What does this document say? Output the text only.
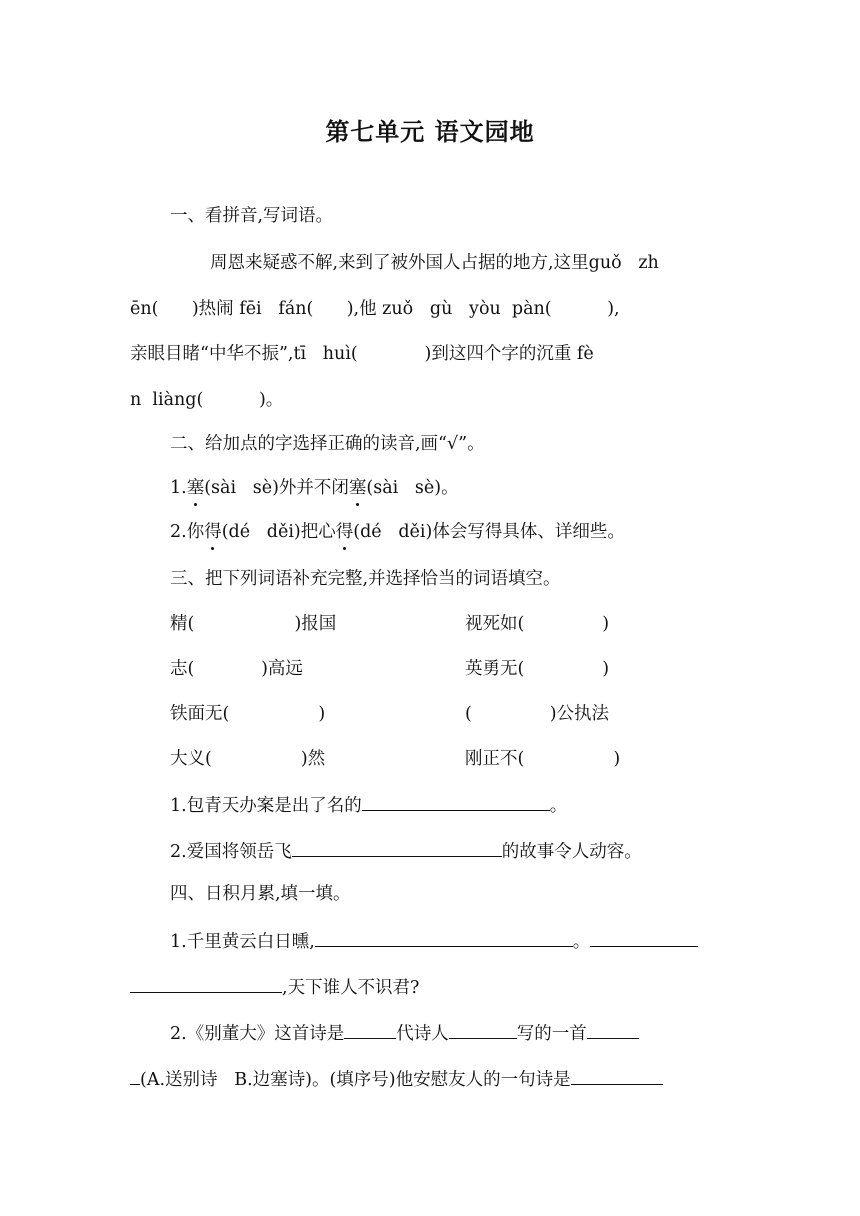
第七单元 语文园地

一、看拼音,写词语。

周恩来疑惑不解,来到了被外国人占据的地方,这里guǒ   zh

ēn(      )热闹 fēi   fán(      ),他 zuǒ   gù   yòu  pàn(          ),

亲眼目睹“中华不振”,tī   huì(            )到这四个字的沉重 fè

n  liàng(          )。

二、给加点的字选择正确的读音,画“√”。

1.塞(sài   sè)外并不闭塞(sài   sè)。

2.你得(dé   děi)把心得(dé   děi)体会写得具体、详细些。

三、把下列词语补充完整,并选择恰当的词语填空。

精(                  )报国	视死如(              )

志(            )高远	英勇无(              )

铁面无(                )	(              )公执法

大义(                )然	刚正不(                )

1.包青天办案是出了名的	。

2.爱国将领岳飞	的故事令人动容。

四、日积月累,填一填。

1.千里黄云白日曛,	。

,天下谁人不识君?

2.《别董大》这首诗是	代诗人	写的一首

(A.送别诗   B.边塞诗)。(填序号)他安慰友人的一句诗是
